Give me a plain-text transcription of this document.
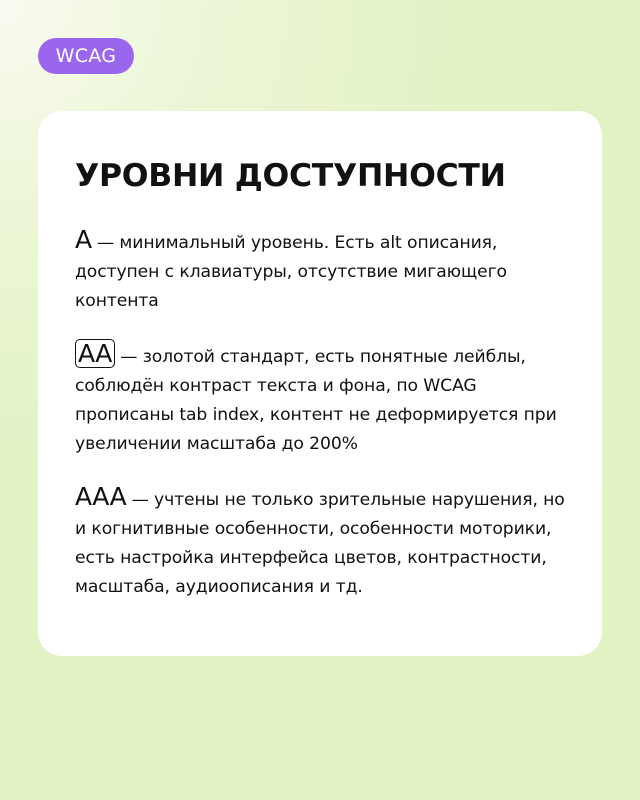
WCAG
УРОВНИ ДОСТУПНОСТИ

A — минимальный уровень. Есть alt описания, доступен с клавиатуры, отсутствие мигающего контента

AA — золотой стандарт, есть понятные лейблы, соблюдён контраст текста и фона, по WCAG прописаны tab index, контент не деформируется при увеличении масштаба до 200%

AAA — учтены не только зрительные нарушения, но и когнитивные особенности, особенности моторики, есть настройка интерфейса цветов, контрастности, масштаба, аудиоописания и тд.
